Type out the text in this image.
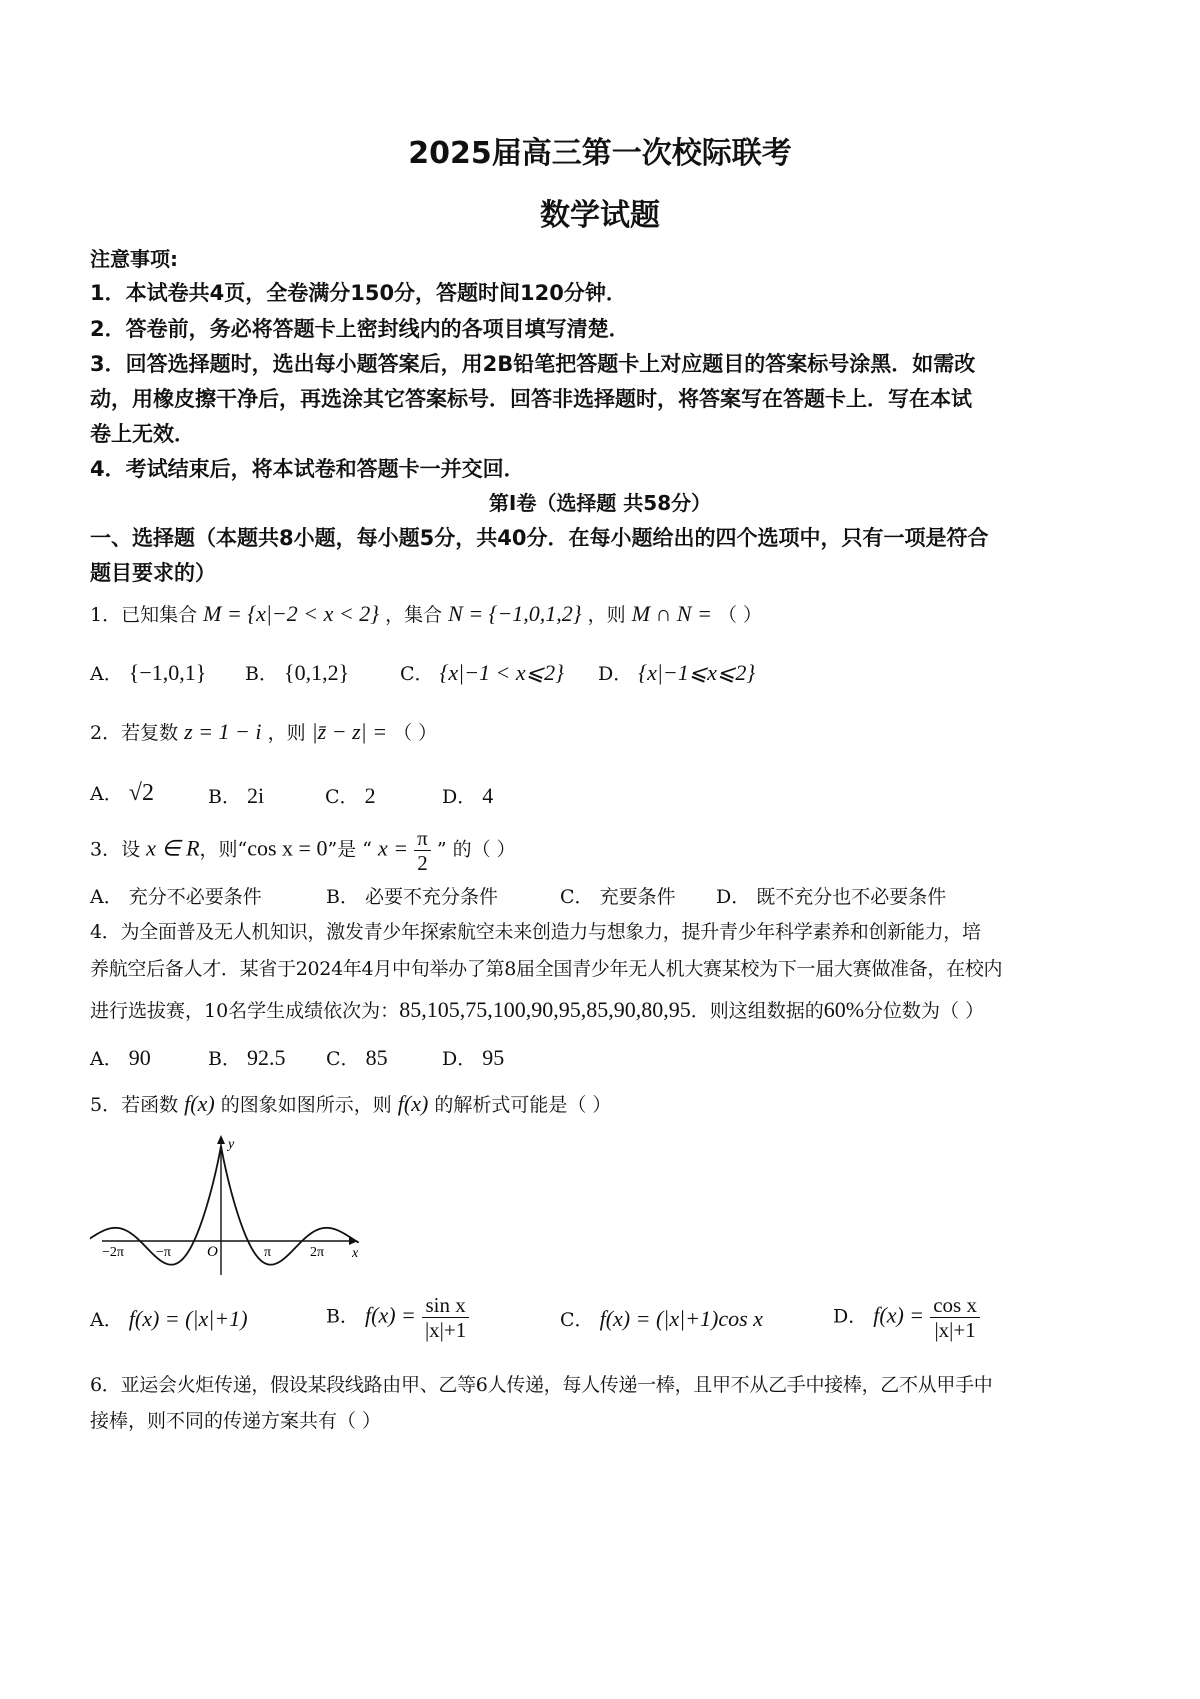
2025届高三第一次校际联考
数学试题
注意事项:
1．本试卷共4页，全卷满分150分，答题时间120分钟．
2．答卷前，务必将答题卡上密封线内的各项目填写清楚．
3．回答选择题时，选出每小题答案后，用2B铅笔把答题卡上对应题目的答案标号涂黑．如需改
动，用橡皮擦干净后，再选涂其它答案标号．回答非选择题时，将答案写在答题卡上．写在本试
卷上无效．
4．考试结束后，将本试卷和答题卡一并交回．
第I卷（选择题 共58分）
一、选择题（本题共8小题，每小题5分，共40分．在每小题给出的四个选项中，只有一项是符合
题目要求的）
1．已知集合 M = {x|−2 < x < 2} ，集合 N = {−1,0,1,2} ，则 M ∩ N = （ ）
A． {−1,0,1} B． {0,1,2}	C． {x|−1 < x⩽2} D． {x|−1⩽x⩽2}
2．若复数 z = 1 − i ，则 |z̄ − z| = （ ）
A． √2	B． 2i	C． 2	D． 4
3．设 x ∈ R，则“cos x = 0”是 “ $x = \frac{\pi}{2}$ ” 的（ ）
A． 充分不必要条件	B． 必要不充分条件	C． 充要条件 D． 既不充分也不必要条件
4．为全面普及无人机知识，激发青少年探索航空未来创造力与想象力，提升青少年科学素养和创新能力，培
养航空后备人才．某省于2024年4月中旬举办了第8届全国青少年无人机大赛某校为下一届大赛做准备，在校内
进行选拔赛，10名学生成绩依次为：85,105,75,100,90,95,85,90,80,95．则这组数据的60%分位数为（ ）
A． 90	B． 92.5 C． 85	D． 95
5．若函数 f(x) 的图象如图所示，则 f(x) 的解析式可能是（ ）
y
x
O
−2π −π	π	2π
A． f(x) = (|x|+1)	B． $f(x) = \frac{\text{sin x}}{|x|+1}$	C． f(x) = (|x|+1)cos x	D． $f(x) = \frac{\text{cos x}}{|x|+1}$
6．亚运会火炬传递，假设某段线路由甲、乙等6人传递，每人传递一棒，且甲不从乙手中接棒，乙不从甲手中
接棒，则不同的传递方案共有（ ）
